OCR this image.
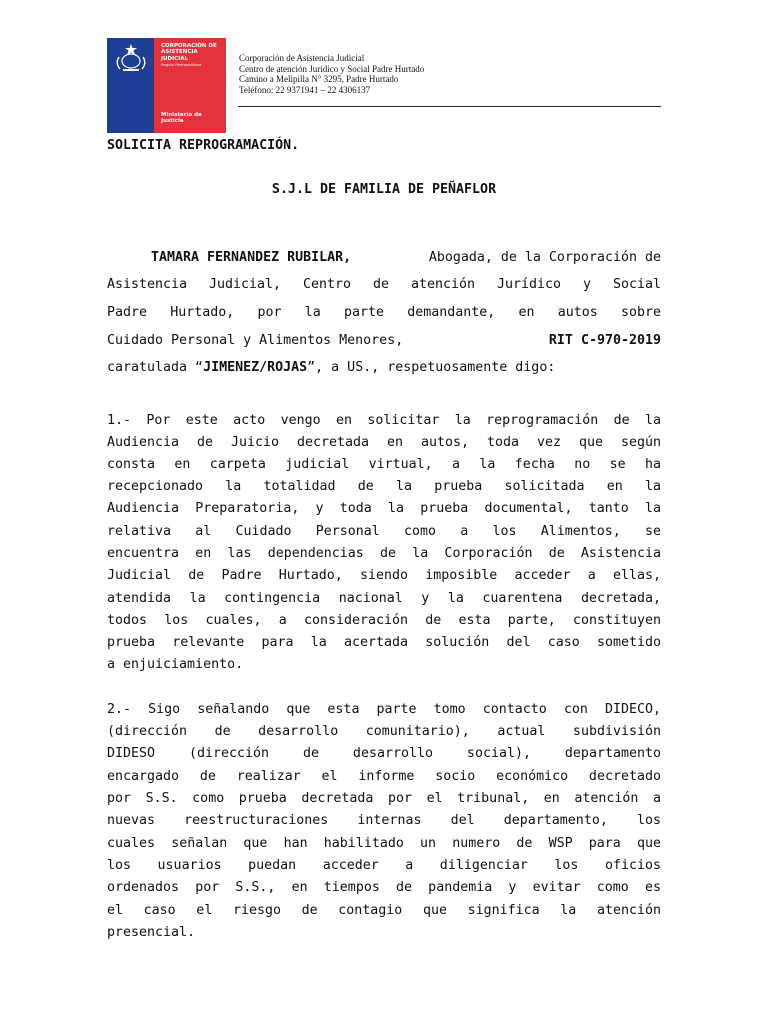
CORPORACIÓN DE
ASISTENCIA
JUDICIAL
Región Metropolitana
Ministerio de
Justicia
Corporación de Asistencia Judicial
Centro de atención Jurídico y Social Padre Hurtado
Camino a Melipilla N° 3295, Padre Hurtado
Teléfono: 22 9371941 – 22 4306137
SOLICITA REPROGRAMACIÓN.
S.J.L DE FAMILIA DE PEÑAFLOR
TAMARA FERNANDEZ RUBILAR,	Abogada, de la Corporación de
Asistencia Judicial, Centro de atención Jurídico y Social
Padre Hurtado, por la parte demandante, en autos sobre
Cuidado Personal y Alimentos Menores,	RIT C-970-2019
caratulada “JIMENEZ/ROJAS”, a US., respetuosamente digo:
1.- Por este acto vengo en solicitar la reprogramación de la
Audiencia de Juicio decretada en autos, toda vez que según
consta en carpeta judicial virtual, a la fecha no se ha
recepcionado la totalidad de la prueba solicitada en la
Audiencia Preparatoria, y toda la prueba documental, tanto la
relativa al Cuidado Personal como a los Alimentos, se
encuentra en las dependencias de la Corporación de Asistencia
Judicial de Padre Hurtado, siendo imposible acceder a ellas,
atendida la contingencia nacional y la cuarentena decretada,
todos los cuales, a consideración de esta parte, constituyen
prueba relevante para la acertada solución del caso sometido
a enjuiciamiento.
2.- Sigo señalando que esta parte tomo contacto con DIDECO,
(dirección de desarrollo comunitario), actual subdivisión
DIDESO (dirección de desarrollo social), departamento
encargado de realizar el informe socio económico decretado
por S.S. como prueba decretada por el tribunal, en atención a
nuevas reestructuraciones internas del departamento, los
cuales señalan que han habilitado un numero de WSP para que
los usuarios puedan acceder a diligenciar los oficios
ordenados por S.S., en tiempos de pandemia y evitar como es
el caso el riesgo de contagio que significa la atención
presencial.
